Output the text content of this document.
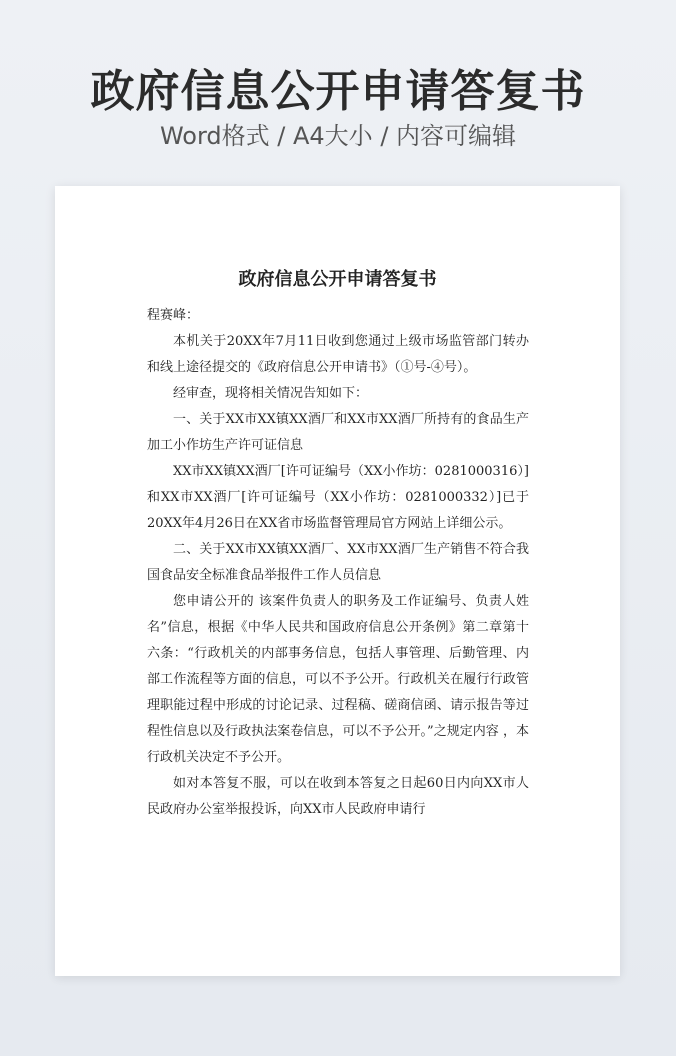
政府信息公开申请答复书
Word格式 / A4大小 / 内容可编辑
政府信息公开申请答复书

程赛峰：

本机关于20XX年7月11日收到您通过上级市场监管部门转办和线上途径提交的《政府信息公开申请书》（①号-④号）。

经审查，现将相关情况告知如下：

一、关于XX市XX镇XX酒厂和XX市XX酒厂所持有的食品生产加工小作坊生产许可证信息

XX市XX镇XX酒厂[许可证编号（XX小作坊：0281000316）]和XX市XX酒厂[许可证编号（XX小作坊：0281000332）]已于20XX年4月26日在XX省市场监督管理局官方网站上详细公示。

二、关于XX市XX镇XX酒厂、XX市XX酒厂生产销售不符合我国食品安全标准食品举报件工作人员信息

您申请公开的 该案件负责人的职务及工作证编号、负责人姓名”信息，根据《中华人民共和国政府信息公开条例》第二章第十六条：“行政机关的内部事务信息，包括人事管理、后勤管理、内部工作流程等方面的信息，可以不予公开。行政机关在履行行政管理职能过程中形成的讨论记录、过程稿、磋商信函、请示报告等过程性信息以及行政执法案卷信息，可以不予公开。”之规定内容 ，本行政机关决定不予公开。

如对本答复不服，可以在收到本答复之日起60日内向XX市人民政府办公室举报投诉，向XX市人民政府申请行
